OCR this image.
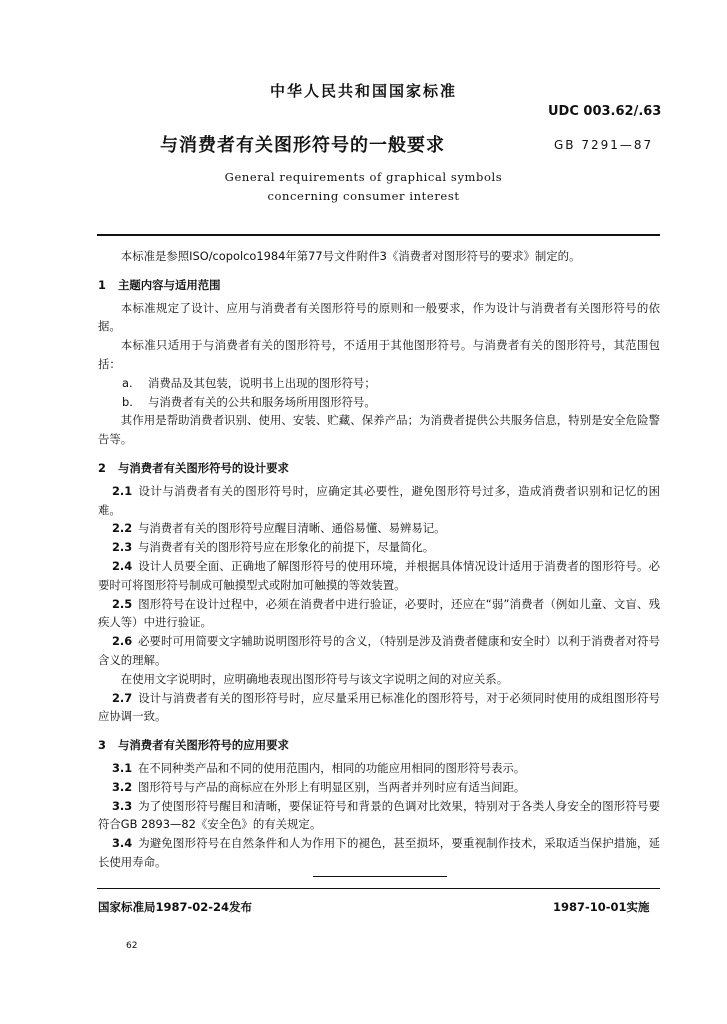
中华人民共和国国家标准
UDC 003.62/.63
与消费者有关图形符号的一般要求	GB 7291—87
General requirements of graphical symbols
concerning consumer interest
本标准是参照ISO/copolco1984年第77号文件附件3《消费者对图形符号的要求》制定的。
1 主题内容与适用范围
本标准规定了设计、应用与消费者有关图形符号的原则和一般要求，作为设计与消费者有关图形符号的依据。
本标准只适用于与消费者有关的图形符号，不适用于其他图形符号。与消费者有关的图形符号，其范围包括：
a. 消费品及其包装，说明书上出现的图形符号；
b. 与消费者有关的公共和服务场所用图形符号。
其作用是帮助消费者识别、使用、安装、贮藏、保养产品；为消费者提供公共服务信息，特别是安全危险警告等。
2 与消费者有关图形符号的设计要求
2.1 设计与消费者有关的图形符号时，应确定其必要性，避免图形符号过多，造成消费者识别和记忆的困难。
2.2 与消费者有关的图形符号应醒目清晰、通俗易懂、易辨易记。
2.3 与消费者有关的图形符号应在形象化的前提下，尽量简化。
2.4 设计人员要全面、正确地了解图形符号的使用环境，并根据具体情况设计适用于消费者的图形符号。必要时可将图形符号制成可触摸型式或附加可触摸的等效装置。
2.5 图形符号在设计过程中，必须在消费者中进行验证，必要时，还应在“弱”消费者（例如儿童、文盲、残疾人等）中进行验证。
2.6 必要时可用简要文字辅助说明图形符号的含义，（特别是涉及消费者健康和安全时）以利于消费者对符号含义的理解。
在使用文字说明时，应明确地表现出图形符号与该文字说明之间的对应关系。
2.7 设计与消费者有关的图形符号时，应尽量采用已标准化的图形符号，对于必须同时使用的成组图形符号应协调一致。
3 与消费者有关图形符号的应用要求
3.1 在不同种类产品和不同的使用范围内，相同的功能应用相同的图形符号表示。
3.2 图形符号与产品的商标应在外形上有明显区别，当两者并列时应有适当间距。
3.3 为了使图形符号醒目和清晰，要保证符号和背景的色调对比效果，特别对于各类人身安全的图形符号要符合GB 2893—82《安全色》的有关规定。
3.4 为避免图形符号在自然条件和人为作用下的褪色，甚至损坏，要重视制作技术，采取适当保护措施，延长使用寿命。
国家标准局1987-02-24发布	1987-10-01实施
62
